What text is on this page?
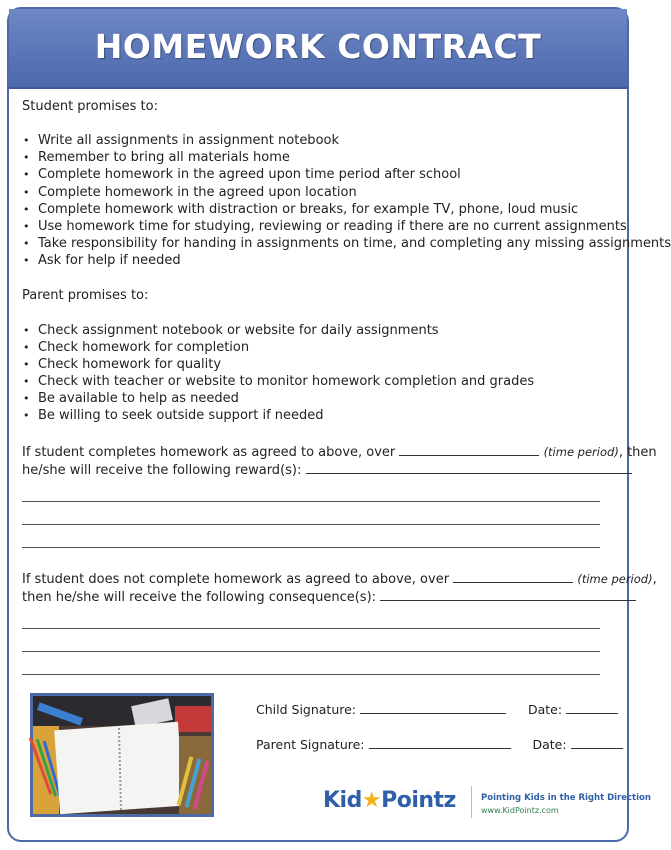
HOMEWORK CONTRACT

Student promises to:

• Write all assignments in assignment notebook
• Remember to bring all materials home
• Complete homework in the agreed upon time period after school
• Complete homework in the agreed upon location
• Complete homework with distraction or breaks, for example TV, phone, loud music
• Use homework time for studying, reviewing or reading if there are no current assignments
• Take responsibility for handing in assignments on time, and completing any missing assignments
• Ask for help if needed

Parent promises to:

• Check assignment notebook or website for daily assignments
• Check homework for completion
• Check homework for quality
• Check with teacher or website to monitor homework completion and grades
• Be available to help as needed
• Be willing to seek outside support if needed
If student completes homework as agreed to above, over	(time period), then
he/she will receive the following reward(s):
If student does not complete homework as agreed to above, over	(time period),
then he/she will receive the following consequence(s):
Child Signature:	Date:
Parent Signature:	Date:
Kid★Pointz	Pointing Kids in the Right Direction
www.KidPointz.com
